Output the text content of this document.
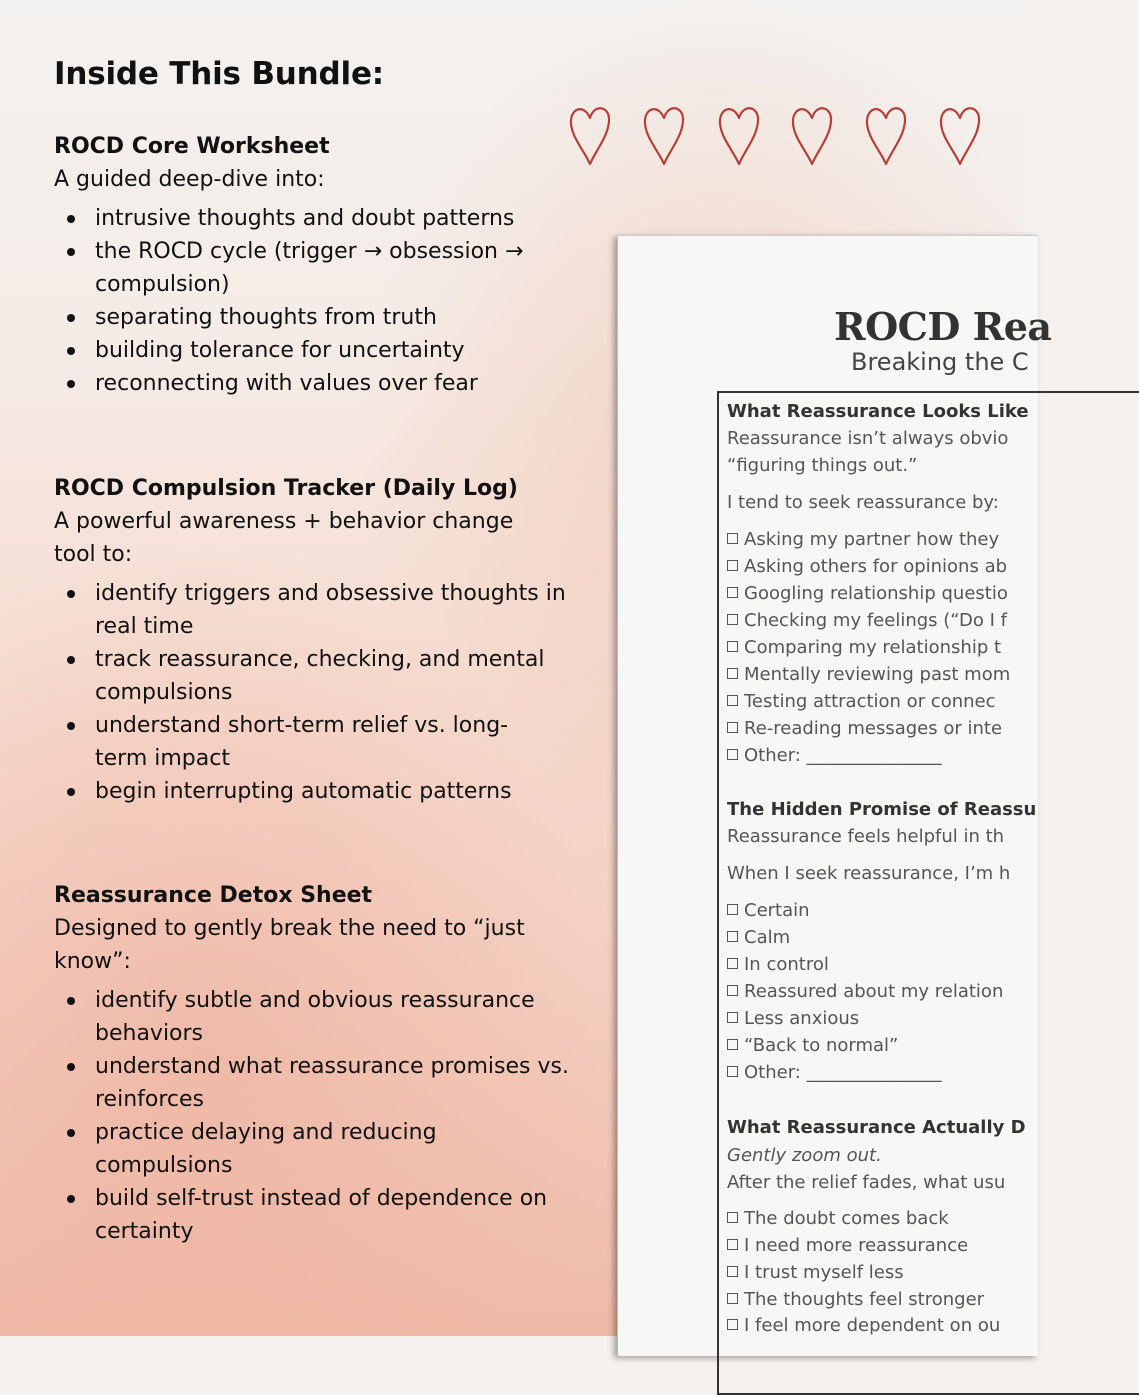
Inside This Bundle:
ROCD Core Worksheet

A guided deep-dive into:

intrusive thoughts and doubt patterns
the ROCD cycle (trigger → obsession → compulsion)
separating thoughts from truth
building tolerance for uncertainty
reconnecting with values over fear
ROCD Compulsion Tracker (Daily Log)

A powerful awareness + behavior change tool to:

identify triggers and obsessive thoughts in real time
track reassurance, checking, and mental compulsions
understand short-term relief vs. long-term impact
begin interrupting automatic patterns
Reassurance Detox Sheet

Designed to gently break the need to “just know”:

identify subtle and obvious reassurance behaviors
understand what reassurance promises vs. reinforces
practice delaying and reducing compulsions
build self-trust instead of dependence on certainty
ROCD Rea
Breaking the C
What Reassurance Looks Like
Reassurance isn’t always obvio
“figuring things out.”
I tend to seek reassurance by:
Asking my partner how they
Asking others for opinions ab
Googling relationship questio
Checking my feelings (“Do I f
Comparing my relationship t
Mentally reviewing past mom
Testing attraction or connec
Re-reading messages or inte
Other: _______________
The Hidden Promise of Reassu
Reassurance feels helpful in th
When I seek reassurance, I’m h
Certain
Calm
In control
Reassured about my relation
Less anxious
“Back to normal”
Other: _______________
What Reassurance Actually D
Gently zoom out.
After the relief fades, what usu
The doubt comes back
I need more reassurance
I trust myself less
The thoughts feel stronger
I feel more dependent on ou
